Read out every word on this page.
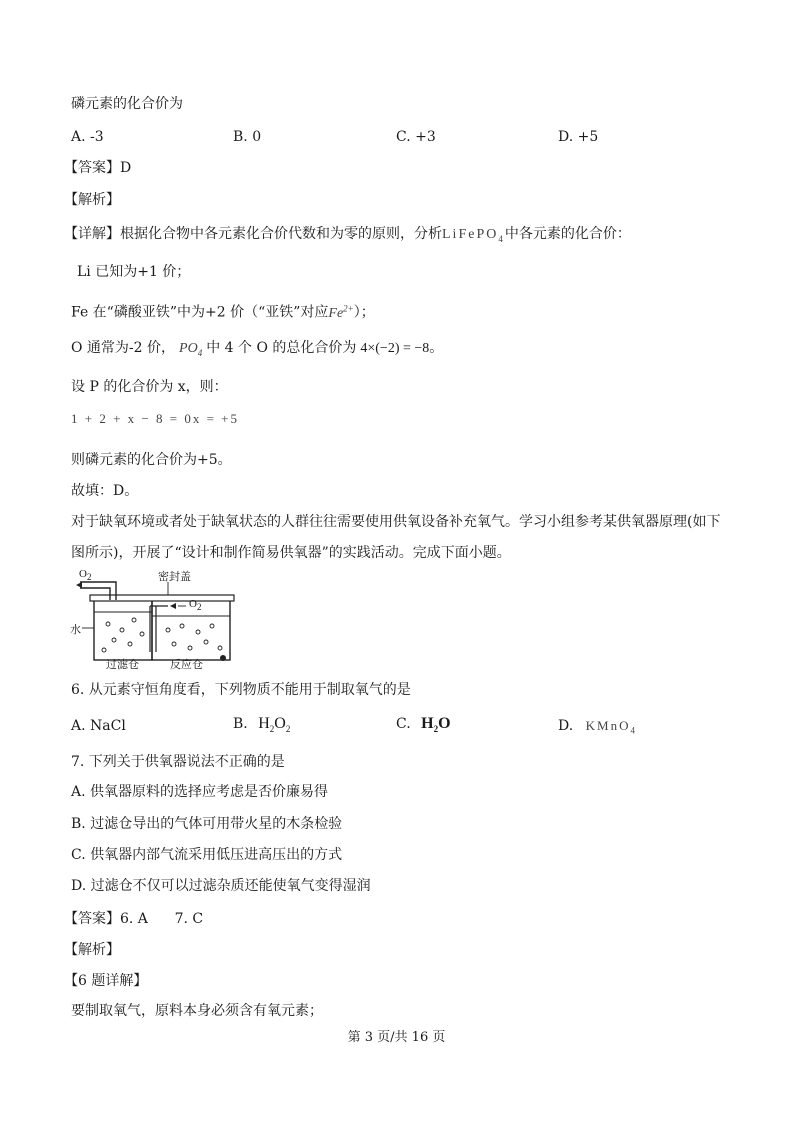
磷元素的化合价为
A. -3	B. 0	C. +3	D. +5
【答案】D
【解析】
【详解】根据化合物中各元素化合价代数和为零的原则，分析LiFePO$_4$中各元素的化合价：
Li 已知为+1 价；
Fe 在“磷酸亚铁”中为+2 价（“亚铁”对应$Fe^{2+}$）；
O 通常为-2 价， $PO_4$ 中 4 个 O 的总化合价为 4×(−2) = −8。
设 P 的化合价为 x，则：
1 + 2 + x − 8 = 0x = +5
则磷元素的化合价为+5。
故填：D。
对于缺氧环境或者处于缺氧状态的人群往往需要使用供氧设备补充氧气。学习小组参考某供氧器原理(如下
图所示)，开展了“设计和制作简易供氧器”的实践活动。完成下面小题。
$O_2$	密封盖
$O_2$
水
过滤仓	反应仓
6. 从元素守恒角度看，下列物质不能用于制取氧气的是
A. NaCl	B. $H_2O_2$	C. $H_2O$	D. KMnO$_4$
7. 下列关于供氧器说法不正确的是
A. 供氧器原料的选择应考虑是否价廉易得
B. 过滤仓导出的气体可用带火星的木条检验
C. 供氧器内部气流采用低压进高压出的方式
D. 过滤仓不仅可以过滤杂质还能使氧气变得湿润
【答案】6. A      7. C
【解析】
【6 题详解】
要制取氧气，原料本身必须含有氧元素；
第 3 页/共 16 页
